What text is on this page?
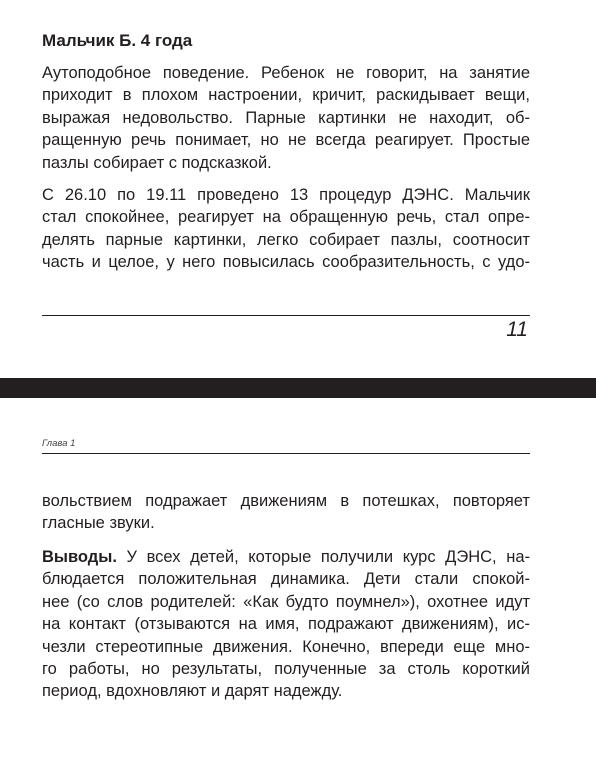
Мальчик Б. 4 года
Аутоподобное поведение. Ребенок не говорит, на занятие
приходит в плохом настроении, кричит, раскидывает вещи,
выражая недовольство. Парные картинки не находит, об-
ращенную речь понимает, но не всегда реагирует. Простые
пазлы собирает с подсказкой.
С 26.10 по 19.11 проведено 13 процедур ДЭНС. Мальчик
стал спокойнее, реагирует на обращенную речь, стал опре-
делять парные картинки, легко собирает пазлы, соотносит
часть и целое, у него повысилась сообразительность, с удо-
11
Глава 1
вольствием подражает движениям в потешках, повторяет
гласные звуки.
Выводы. У всех детей, которые получили курс ДЭНС, на-
блюдается положительная динамика. Дети стали спокой-
нее (со слов родителей: «Как будто поумнел»), охотнее идут
на контакт (отзываются на имя, подражают движениям), ис-
чезли стереотипные движения. Конечно, впереди еще мно-
го работы, но результаты, полученные за столь короткий
период, вдохновляют и дарят надежду.
